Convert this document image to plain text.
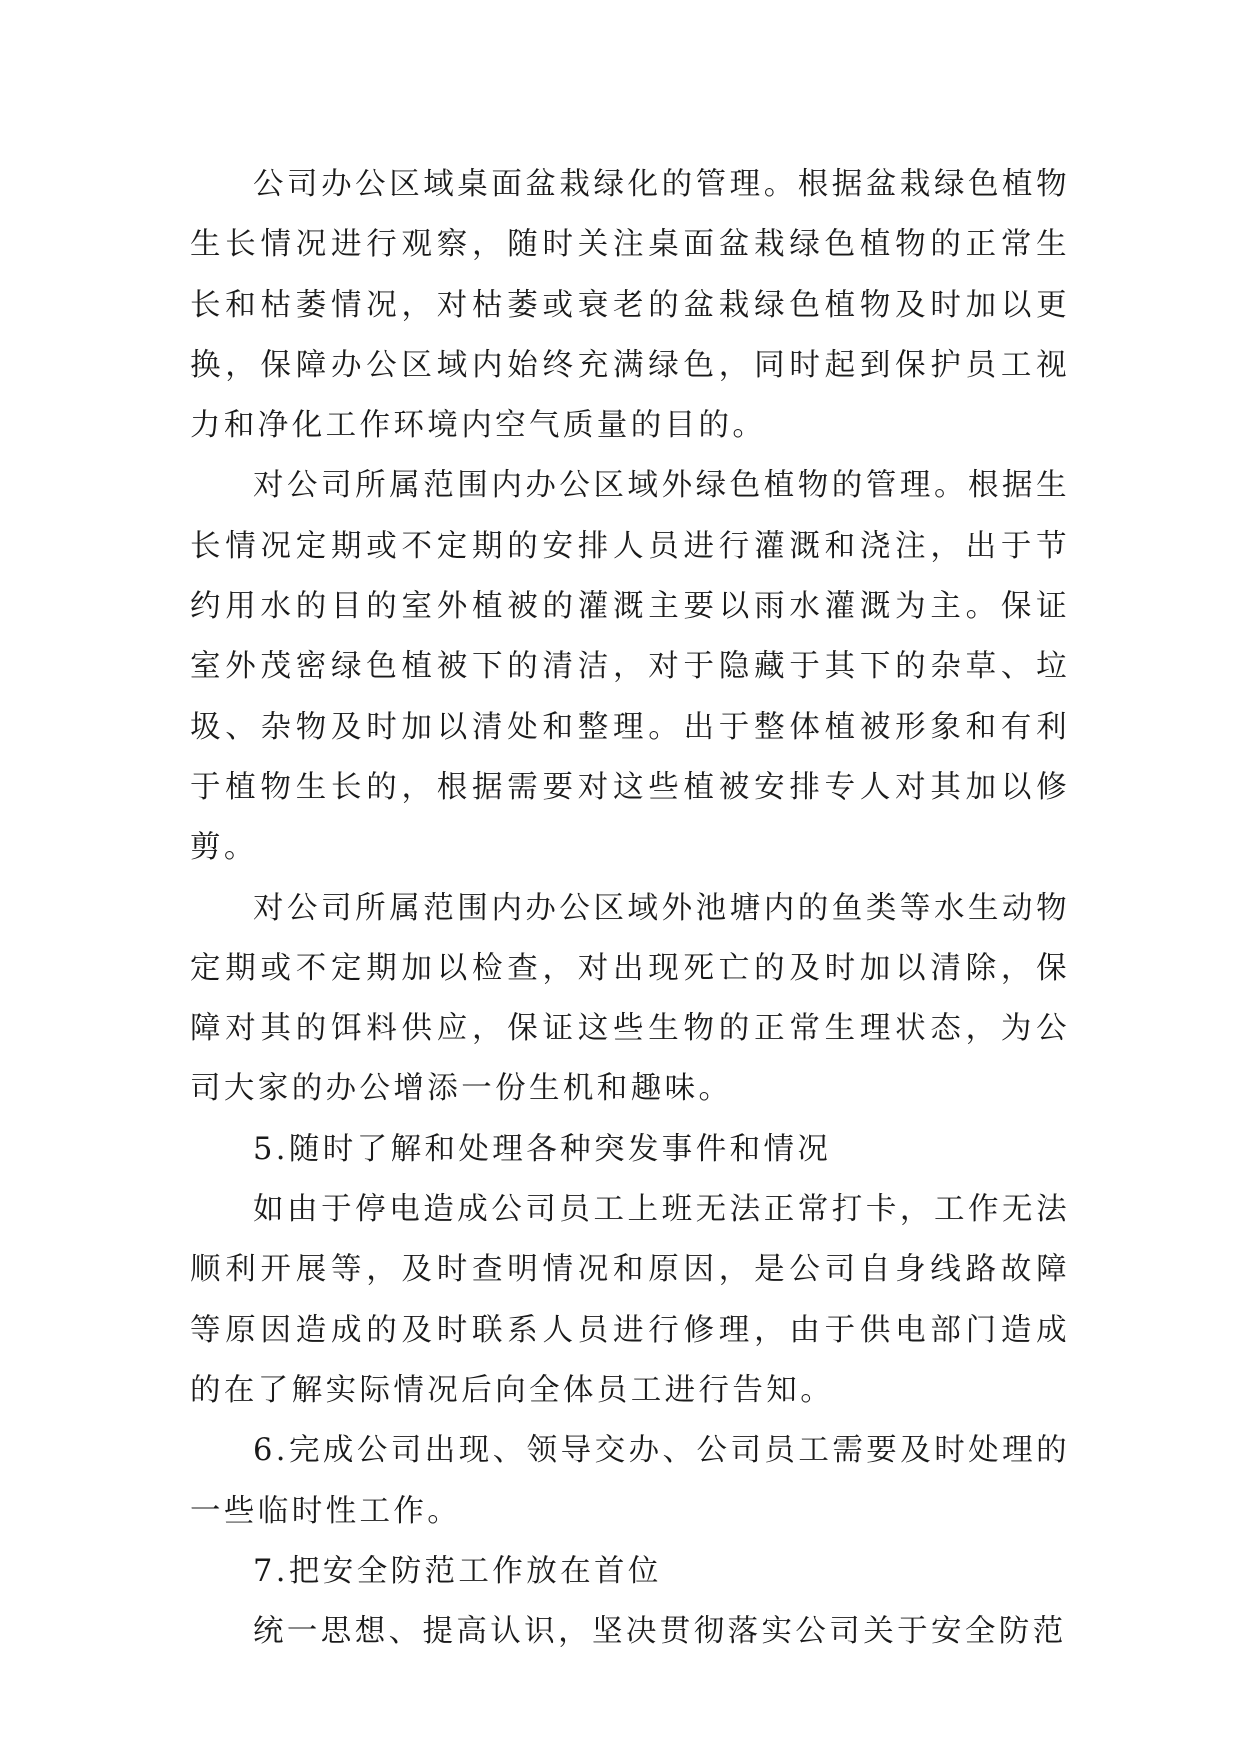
公司办公区域桌面盆栽绿化的管理。根据盆栽绿色植物生长情况进行观察，随时关注桌面盆栽绿色植物的正常生长和枯萎情况，对枯萎或衰老的盆栽绿色植物及时加以更换，保障办公区域内始终充满绿色，同时起到保护员工视力和净化工作环境内空气质量的目的。

对公司所属范围内办公区域外绿色植物的管理。根据生长情况定期或不定期的安排人员进行灌溉和浇注，出于节约用水的目的室外植被的灌溉主要以雨水灌溉为主。保证室外茂密绿色植被下的清洁，对于隐藏于其下的杂草、垃圾、杂物及时加以清处和整理。出于整体植被形象和有利于植物生长的，根据需要对这些植被安排专人对其加以修剪。

对公司所属范围内办公区域外池塘内的鱼类等水生动物定期或不定期加以检查，对出现死亡的及时加以清除，保障对其的饵料供应，保证这些生物的正常生理状态，为公司大家的办公增添一份生机和趣味。

5.随时了解和处理各种突发事件和情况

如由于停电造成公司员工上班无法正常打卡，工作无法顺利开展等，及时查明情况和原因，是公司自身线路故障等原因造成的及时联系人员进行修理，由于供电部门造成的在了解实际情况后向全体员工进行告知。

6.完成公司出现、领导交办、公司员工需要及时处理的一些临时性工作。

7.把安全防范工作放在首位

统一思想、提高认识，坚决贯彻落实公司关于安全防范
